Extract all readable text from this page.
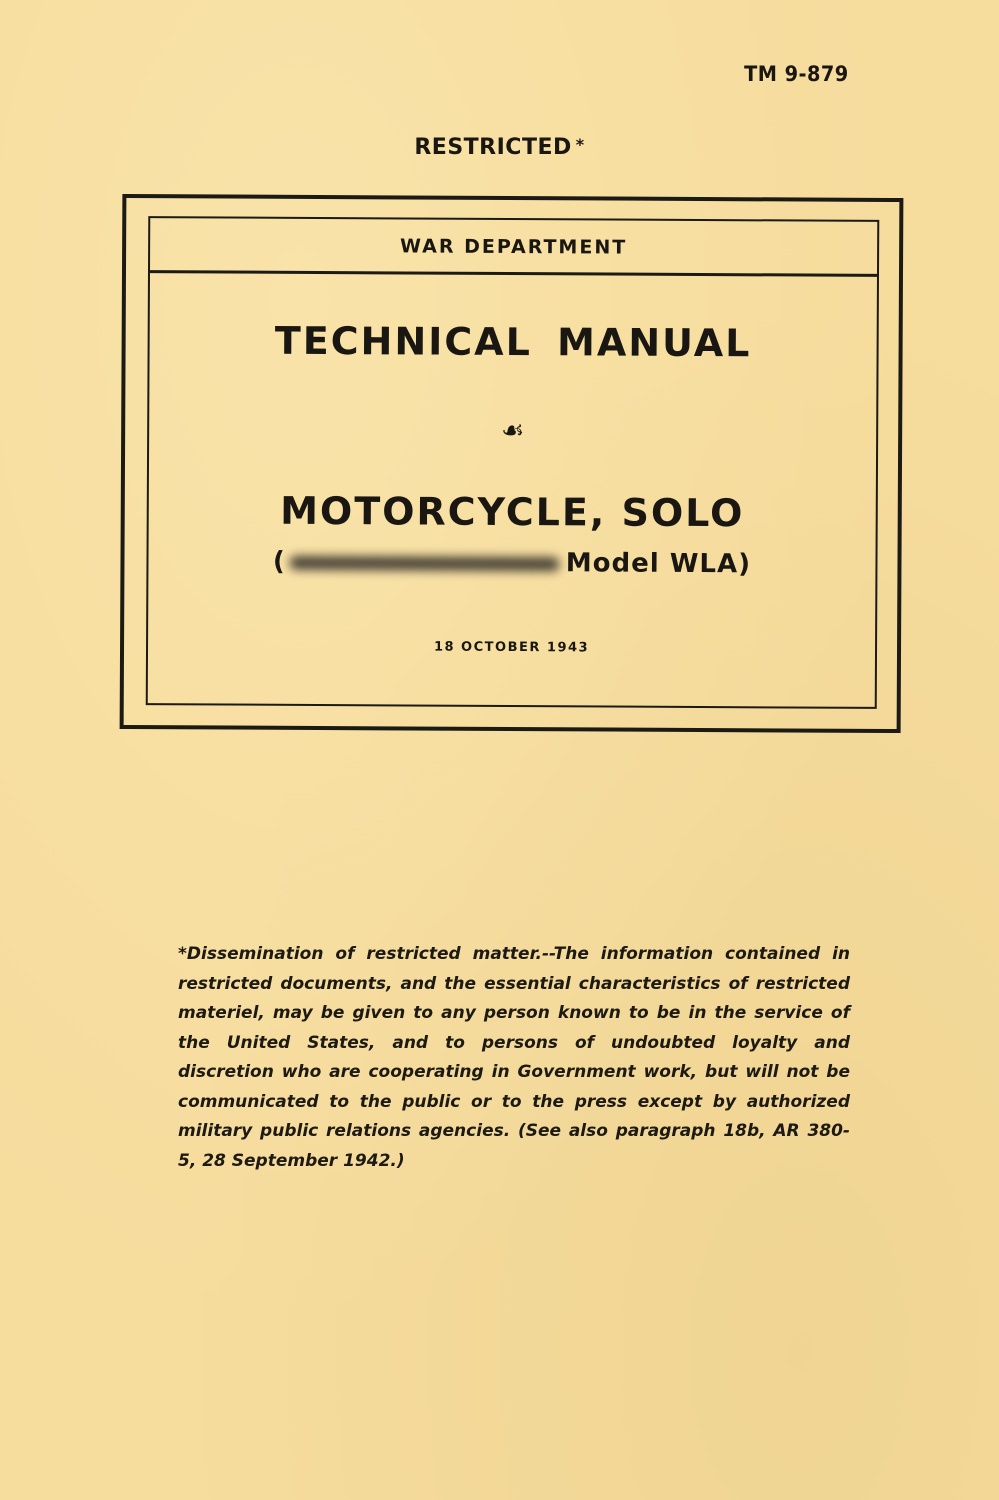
TM 9-879
RESTRICTED *
WAR DEPARTMENT
TECHNICAL MANUAL
☙
MOTORCYCLE, SOLO
(	Model WLA)
18 OCTOBER 1943
*Dissemination of restricted matter.--The information contained in restricted documents, and the essential characteristics of restricted materiel, may be given to any person known to be in the service of the United States, and to persons of undoubted loyalty and discretion who are cooperating in Government work, but will not be communicated to the public or to the press except by authorized military public relations agencies. (See also paragraph 18b, AR 380-5, 28 September 1942.)
